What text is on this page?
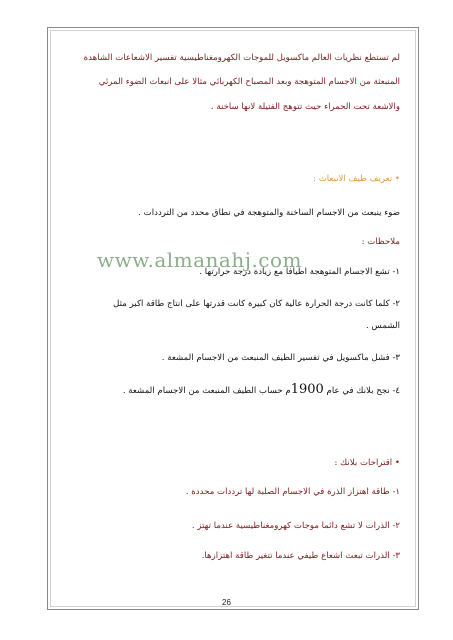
لم تستطع نظريات العالم ماكسويل للموجات الكهرومغناطيسية تفسير الاشعاعات الشاهدة
المنبعثة من الاجسام المتوهجة وبعد المصباح الكهربائي مثالا على انبعاث الضوء المرئي
والاشعة تحت الحمراء حيث تتوهج الفتيلة لانها ساخنة .
• تعريف طيف الانبعاث :
ضوء ينبعث من الاجسام الساخنة والمتوهجة في نطاق محدد من الترددات .
ملاحظات :
١- تشع الاجسام المتوهجة اطيافا مع زيادة درجة حرارتها .
٢- كلما كانت درجة الحرارة عالية كان كبيرة كانت قدرتها على انتاج طاقة اكبر مثل
الشمس .
٣- فشل ماكسويل في تفسير الطيف المنبعث من الاجسام المشعة .
٤- نجح بلانك في عام 1900م حساب الطيف المنبعث من الاجسام المشعة .
• اقتراحات بلانك :
١- طاقة اهتزاز الذرة في الاجسام الصلبة لها ترددات محددة .
٢- الذرات لا تشع دائما موجات كهرومغناطيسية عندما تهتز .
٣- الذرات تبعث اشعاع طيفي عندما تتغير طاقة اهتزازها.
www.almanahj.com
26
